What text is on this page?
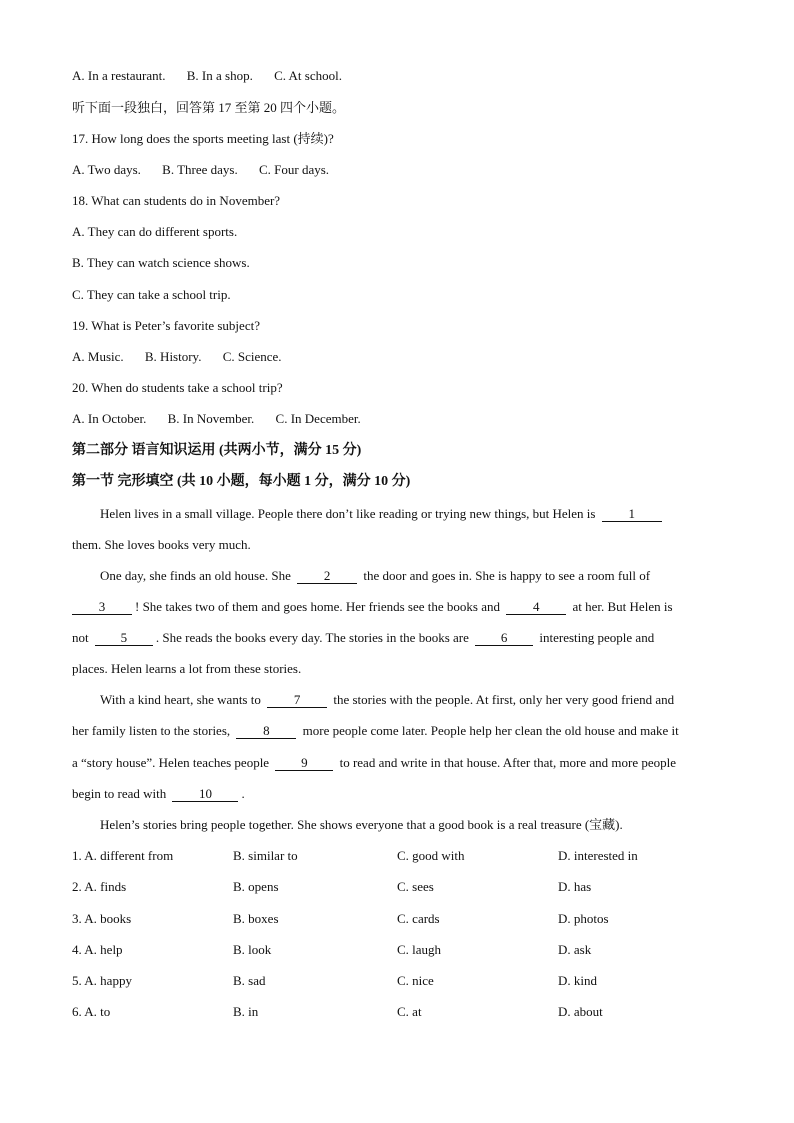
A. In a restaurant. B. In a shop. C. At school.
听下面一段独白，回答第 17 至第 20 四个小题。
17. How long does the sports meeting last (持续)?
A. Two days. B. Three days. C. Four days.
18. What can students do in November?
A. They can do different sports.
B. They can watch science shows.
C. They can take a school trip.
19. What is Peter’s favorite subject?
A. Music. B. History. C. Science.
20. When do students take a school trip?
A. In October. B. In November. C. In December.
第二部分 语言知识运用 (共两小节，满分 15 分)
第一节 完形填空 (共 10 小题，每小题 1 分，满分 10 分)
Helen lives in a small village. People there don’t like reading or trying new things, but Helen is	1
them. She loves books very much.
One day, she finds an old house. She	2	the door and goes in. She is happy to see a room full of
3 ! She takes two of them and goes home. Her friends see the books and	4	at her. But Helen is
not 5 . She reads the books every day. The stories in the books are 6 interesting people and
places. Helen learns a lot from these stories.
With a kind heart, she wants to	7	the stories with the people. At first, only her very good friend and
her family listen to the stories,	8	more people come later. People help her clean the old house and make it
a “story house”. Helen teaches people 9 to read and write in that house. After that, more and more people
begin to read with	10 .
Helen’s stories bring people together. She shows everyone that a good book is a real treasure (宝藏).
1. A. different from	B. similar to	C. good with	D. interested in
2. A. finds	B. opens	C. sees	D. has
3. A. books	B. boxes	C. cards	D. photos
4. A. help	B. look	C. laugh	D. ask
5. A. happy	B. sad	C. nice	D. kind
6. A. to	B. in	C. at	D. about
